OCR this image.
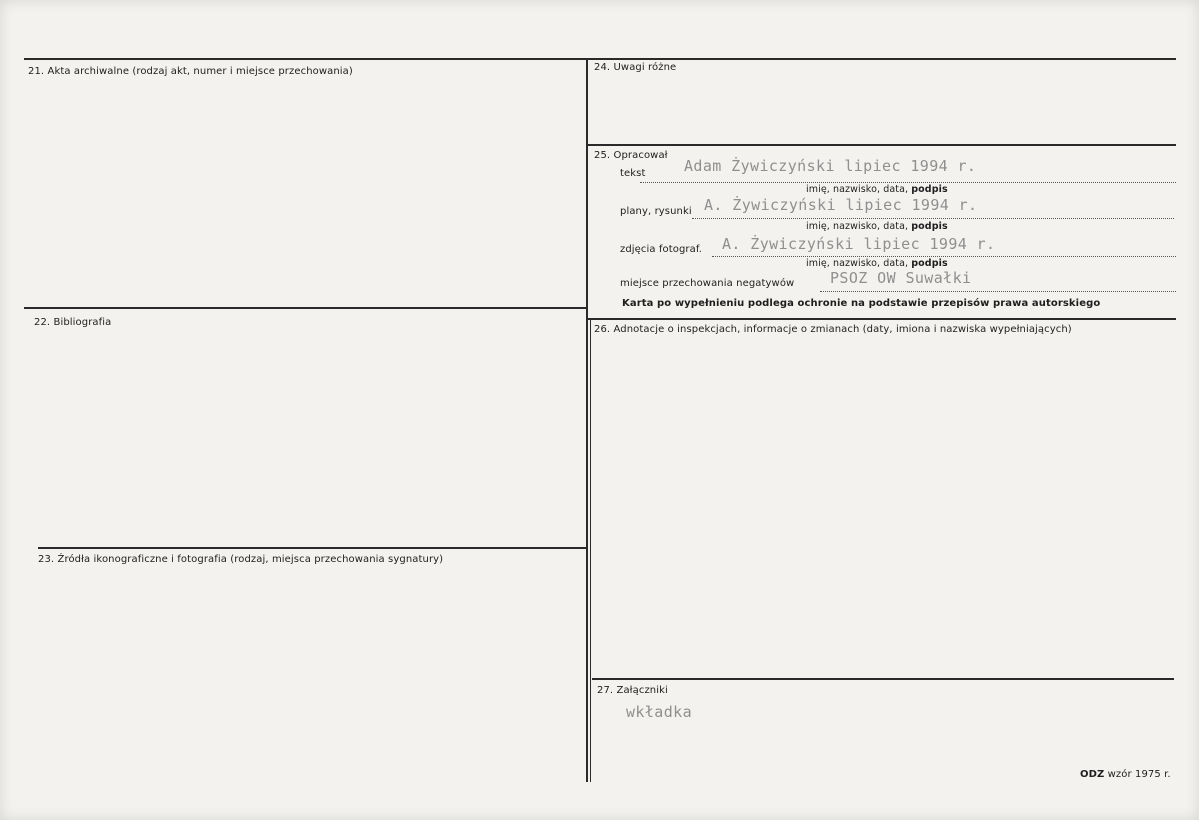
21. Akta archiwalne (rodzaj akt, numer i miejsce przechowania)
22. Bibliografia
23. Źródła ikonograficzne i fotografia (rodzaj, miejsca przechowania sygnatury)
24. Uwagi różne
25. Opracował
tekst	Adam Żywiczyński lipiec 1994 r.
imię, nazwisko, data, podpis
plany, rysunki A. Żywiczyński lipiec 1994 r.
imię, nazwisko, data, podpis
zdjęcia fotograf. A. Żywiczyński lipiec 1994 r.
imię, nazwisko, data, podpis
miejsce przechowania negatywów PSOZ OW Suwałki
Karta po wypełnieniu podlega ochronie na podstawie przepisów prawa autorskiego
26. Adnotacje o inspekcjach, informacje o zmianach (daty, imiona i nazwiska wypełniających)
27. Załączniki
wkładka
ODZ wzór 1975 r.
